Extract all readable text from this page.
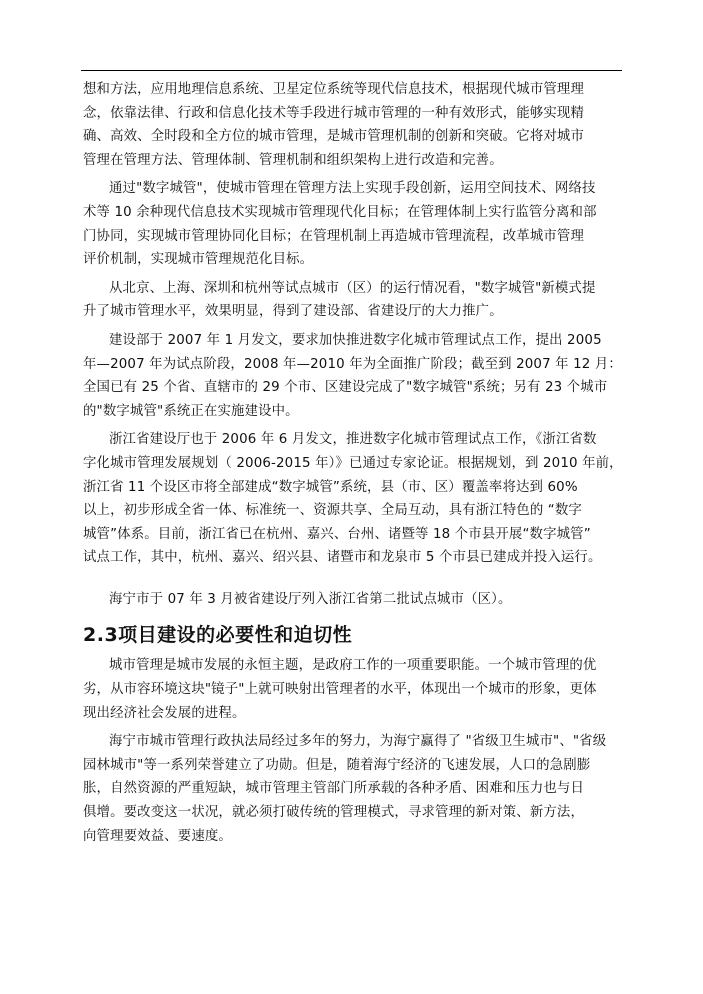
想和方法，应用地理信息系统、卫星定位系统等现代信息技术，根据现代城市管理理
念，依靠法律、行政和信息化技术等手段进行城市管理的一种有效形式，能够实现精
确、高效、全时段和全方位的城市管理，是城市管理机制的创新和突破。它将对城市
管理在管理方法、管理体制、管理机制和组织架构上进行改造和完善。

通过"数字城管"，使城市管理在管理方法上实现手段创新，运用空间技术、网络技
术等 10 余种现代信息技术实现城市管理现代化目标；在管理体制上实行监管分离和部
门协同，实现城市管理协同化目标；在管理机制上再造城市管理流程，改革城市管理
评价机制，实现城市管理规范化目标。

从北京、上海、深圳和杭州等试点城市（区）的运行情况看，"数字城管"新模式提
升了城市管理水平，效果明显，得到了建设部、省建设厅的大力推广。

建设部于 2007 年 1 月发文，要求加快推进数字化城市管理试点工作，提出 2005
年—2007 年为试点阶段，2008 年—2010 年为全面推广阶段；截至到 2007 年 12 月：
全国已有 25 个省、直辖市的 29 个市、区建设完成了"数字城管"系统；另有 23 个城市
的"数字城管"系统正在实施建设中。

浙江省建设厅也于 2006 年 6 月发文，推进数字化城市管理试点工作，《浙江省数
字化城市管理发展规划（ 2006-2015 年）》已通过专家论证。根据规划，到 2010 年前，
浙江省 11 个设区市将全部建成“数字城管”系统，县（市、区）覆盖率将达到 60%
以上，初步形成全省一体、标准统一、资源共享、全局互动，具有浙江特色的 “数字
城管”体系。目前，浙江省已在杭州、嘉兴、台州、诸暨等 18 个市县开展“数字城管”
试点工作，其中，杭州、嘉兴、绍兴县、诸暨市和龙泉市 5 个市县已建成并投入运行。

海宁市于 07 年 3 月被省建设厅列入浙江省第二批试点城市（区）。

2.3项目建设的必要性和迫切性

城市管理是城市发展的永恒主题，是政府工作的一项重要职能。一个城市管理的优
劣，从市容环境这块"镜子"上就可映射出管理者的水平，体现出一个城市的形象，更体
现出经济社会发展的进程。

海宁市城市管理行政执法局经过多年的努力，为海宁赢得了 "省级卫生城市"、"省级
园林城市"等一系列荣誉建立了功勋。但是，随着海宁经济的飞速发展，人口的急剧膨
胀，自然资源的严重短缺，城市管理主管部门所承载的各种矛盾、困难和压力也与日
俱增。要改变这一状况，就必须打破传统的管理模式，寻求管理的新对策、新方法，
向管理要效益、要速度。
